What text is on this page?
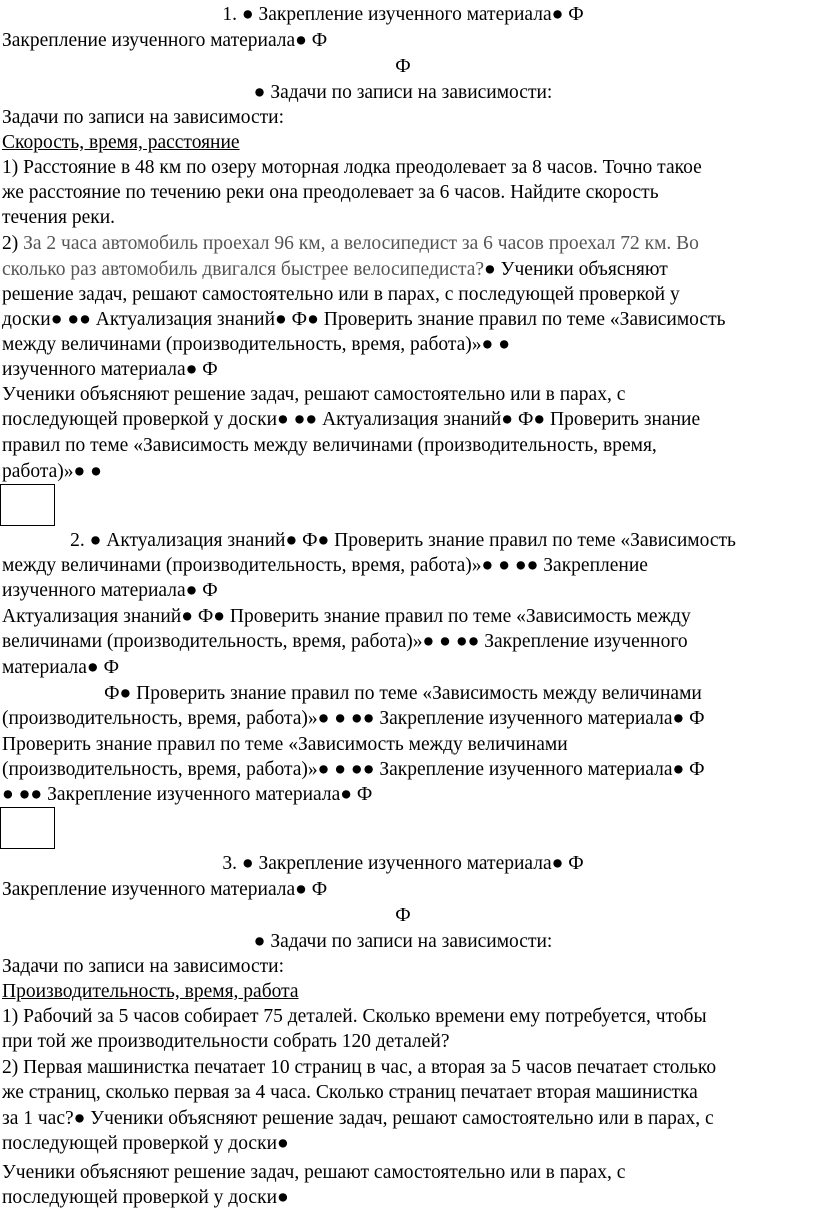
1. ● Закрепление изученного материала● Ф
Закрепление изученного материала● Ф
Ф
● Задачи по записи на зависимости:
Задачи по записи на зависимости:
Скорость, время, расстояние
1) Расстояние в 48 км по озеру моторная лодка преодолевает за 8 часов. Точно такое
же расстояние по течению реки она преодолевает за 6 часов. Найдите скорость
течения реки.
2) За 2 часа автомобиль проехал 96 км, а велосипедист за 6 часов проехал 72 км. Во
сколько раз автомобиль двигался быстрее велосипедиста?● Ученики объясняют
решение задач, решают самостоятельно или в парах, с последующей проверкой у
доски● ●● Актуализация знаний● Ф● Проверить знание правил по теме «Зависимость
между величинами (производительность, время, работа)»● ●
изученного материала● Ф
Ученики объясняют решение задач, решают самостоятельно или в парах, с
последующей проверкой у доски● ●● Актуализация знаний● Ф● Проверить знание
правил по теме «Зависимость между величинами (производительность, время,
работа)»● ●
2. ● Актуализация знаний● Ф● Проверить знание правил по теме «Зависимость
между величинами (производительность, время, работа)»● ● ●● Закрепление
изученного материала● Ф
Актуализация знаний● Ф● Проверить знание правил по теме «Зависимость между
величинами (производительность, время, работа)»● ● ●● Закрепление изученного
материала● Ф
Ф● Проверить знание правил по теме «Зависимость между величинами
(производительность, время, работа)»● ● ●● Закрепление изученного материала● Ф
Проверить знание правил по теме «Зависимость между величинами
(производительность, время, работа)»● ● ●● Закрепление изученного материала● Ф
● ●● Закрепление изученного материала● Ф
3. ● Закрепление изученного материала● Ф
Закрепление изученного материала● Ф
Ф
● Задачи по записи на зависимости:
Задачи по записи на зависимости:
Производительность, время, работа
1) Рабочий за 5 часов собирает 75 деталей. Сколько времени ему потребуется, чтобы
при той же производительности собрать 120 деталей?
2) Первая машинистка печатает 10 страниц в час, а вторая за 5 часов печатает столько
же страниц, сколько первая за 4 часа. Сколько страниц печатает вторая машинистка
за 1 час?● Ученики объясняют решение задач, решают самостоятельно или в парах, с
последующей проверкой у доски●
Ученики объясняют решение задач, решают самостоятельно или в парах, с
последующей проверкой у доски●
